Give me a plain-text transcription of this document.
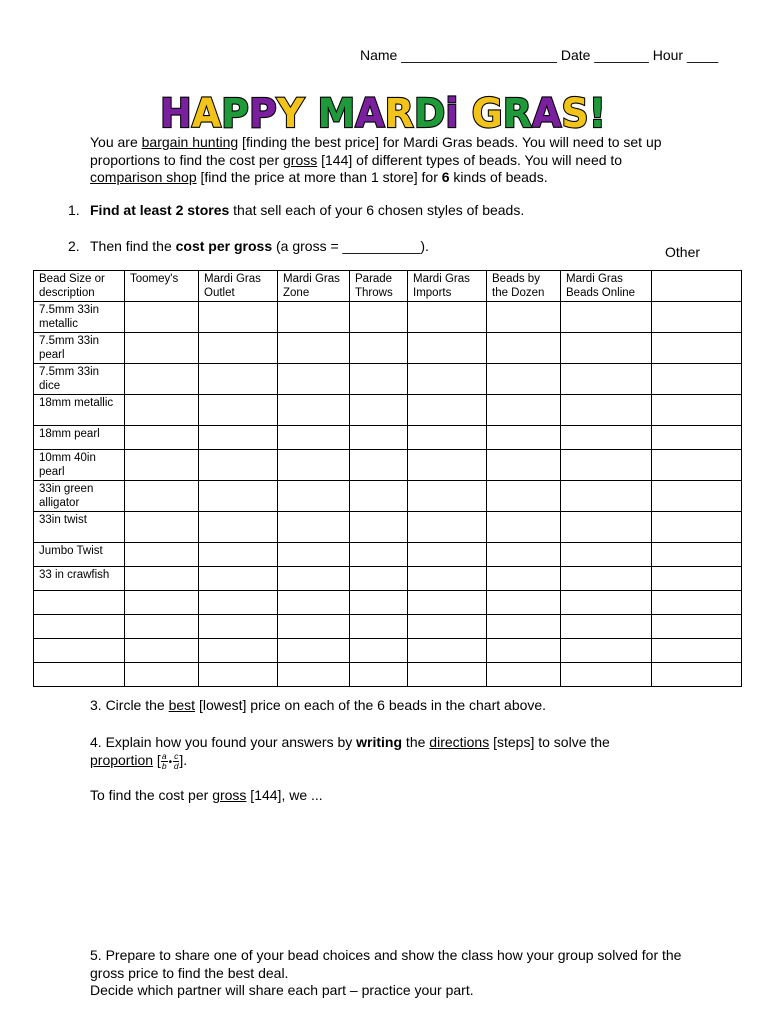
Name ____________________ Date _______ Hour ____
HAPPY MARDi GRAS!
You are bargain hunting [finding the best price] for Mardi Gras beads. You will need to set up proportions to find the cost per gross [144] of different types of beads. You will need to comparison shop [find the price at more than 1 store] for 6 kinds of beads.
1. Find at least 2 stores that sell each of your 6 chosen styles of beads.
2. Then find the cost per gross (a gross = __________).	Other
Bead Size or description	Toomey's	Mardi Gras Outlet	Mardi Gras Zone	Parade Throws	Mardi Gras Imports	Beads by the Dozen	Mardi Gras Beads Online	
7.5mm 33in metallic								
7.5mm 33in pearl								
7.5mm 33in dice								
18mm metallic								
18mm pearl								
10mm 40in pearl								
33in green alligator								
33in twist								
Jumbo Twist								
33 in crawfish								

3. Circle the best [lowest] price on each of the 6 beads in the chart above.
4. Explain how you found your answers by writing the directions [steps] to solve the
proportion [ $\frac{a}{b}$ • $\frac{c}{d}$ ].
To find the cost per gross [144], we ...
5. Prepare to share one of your bead choices and show the class how your group solved for the gross price to find the best deal.
Decide which partner will share each part – practice your part.
